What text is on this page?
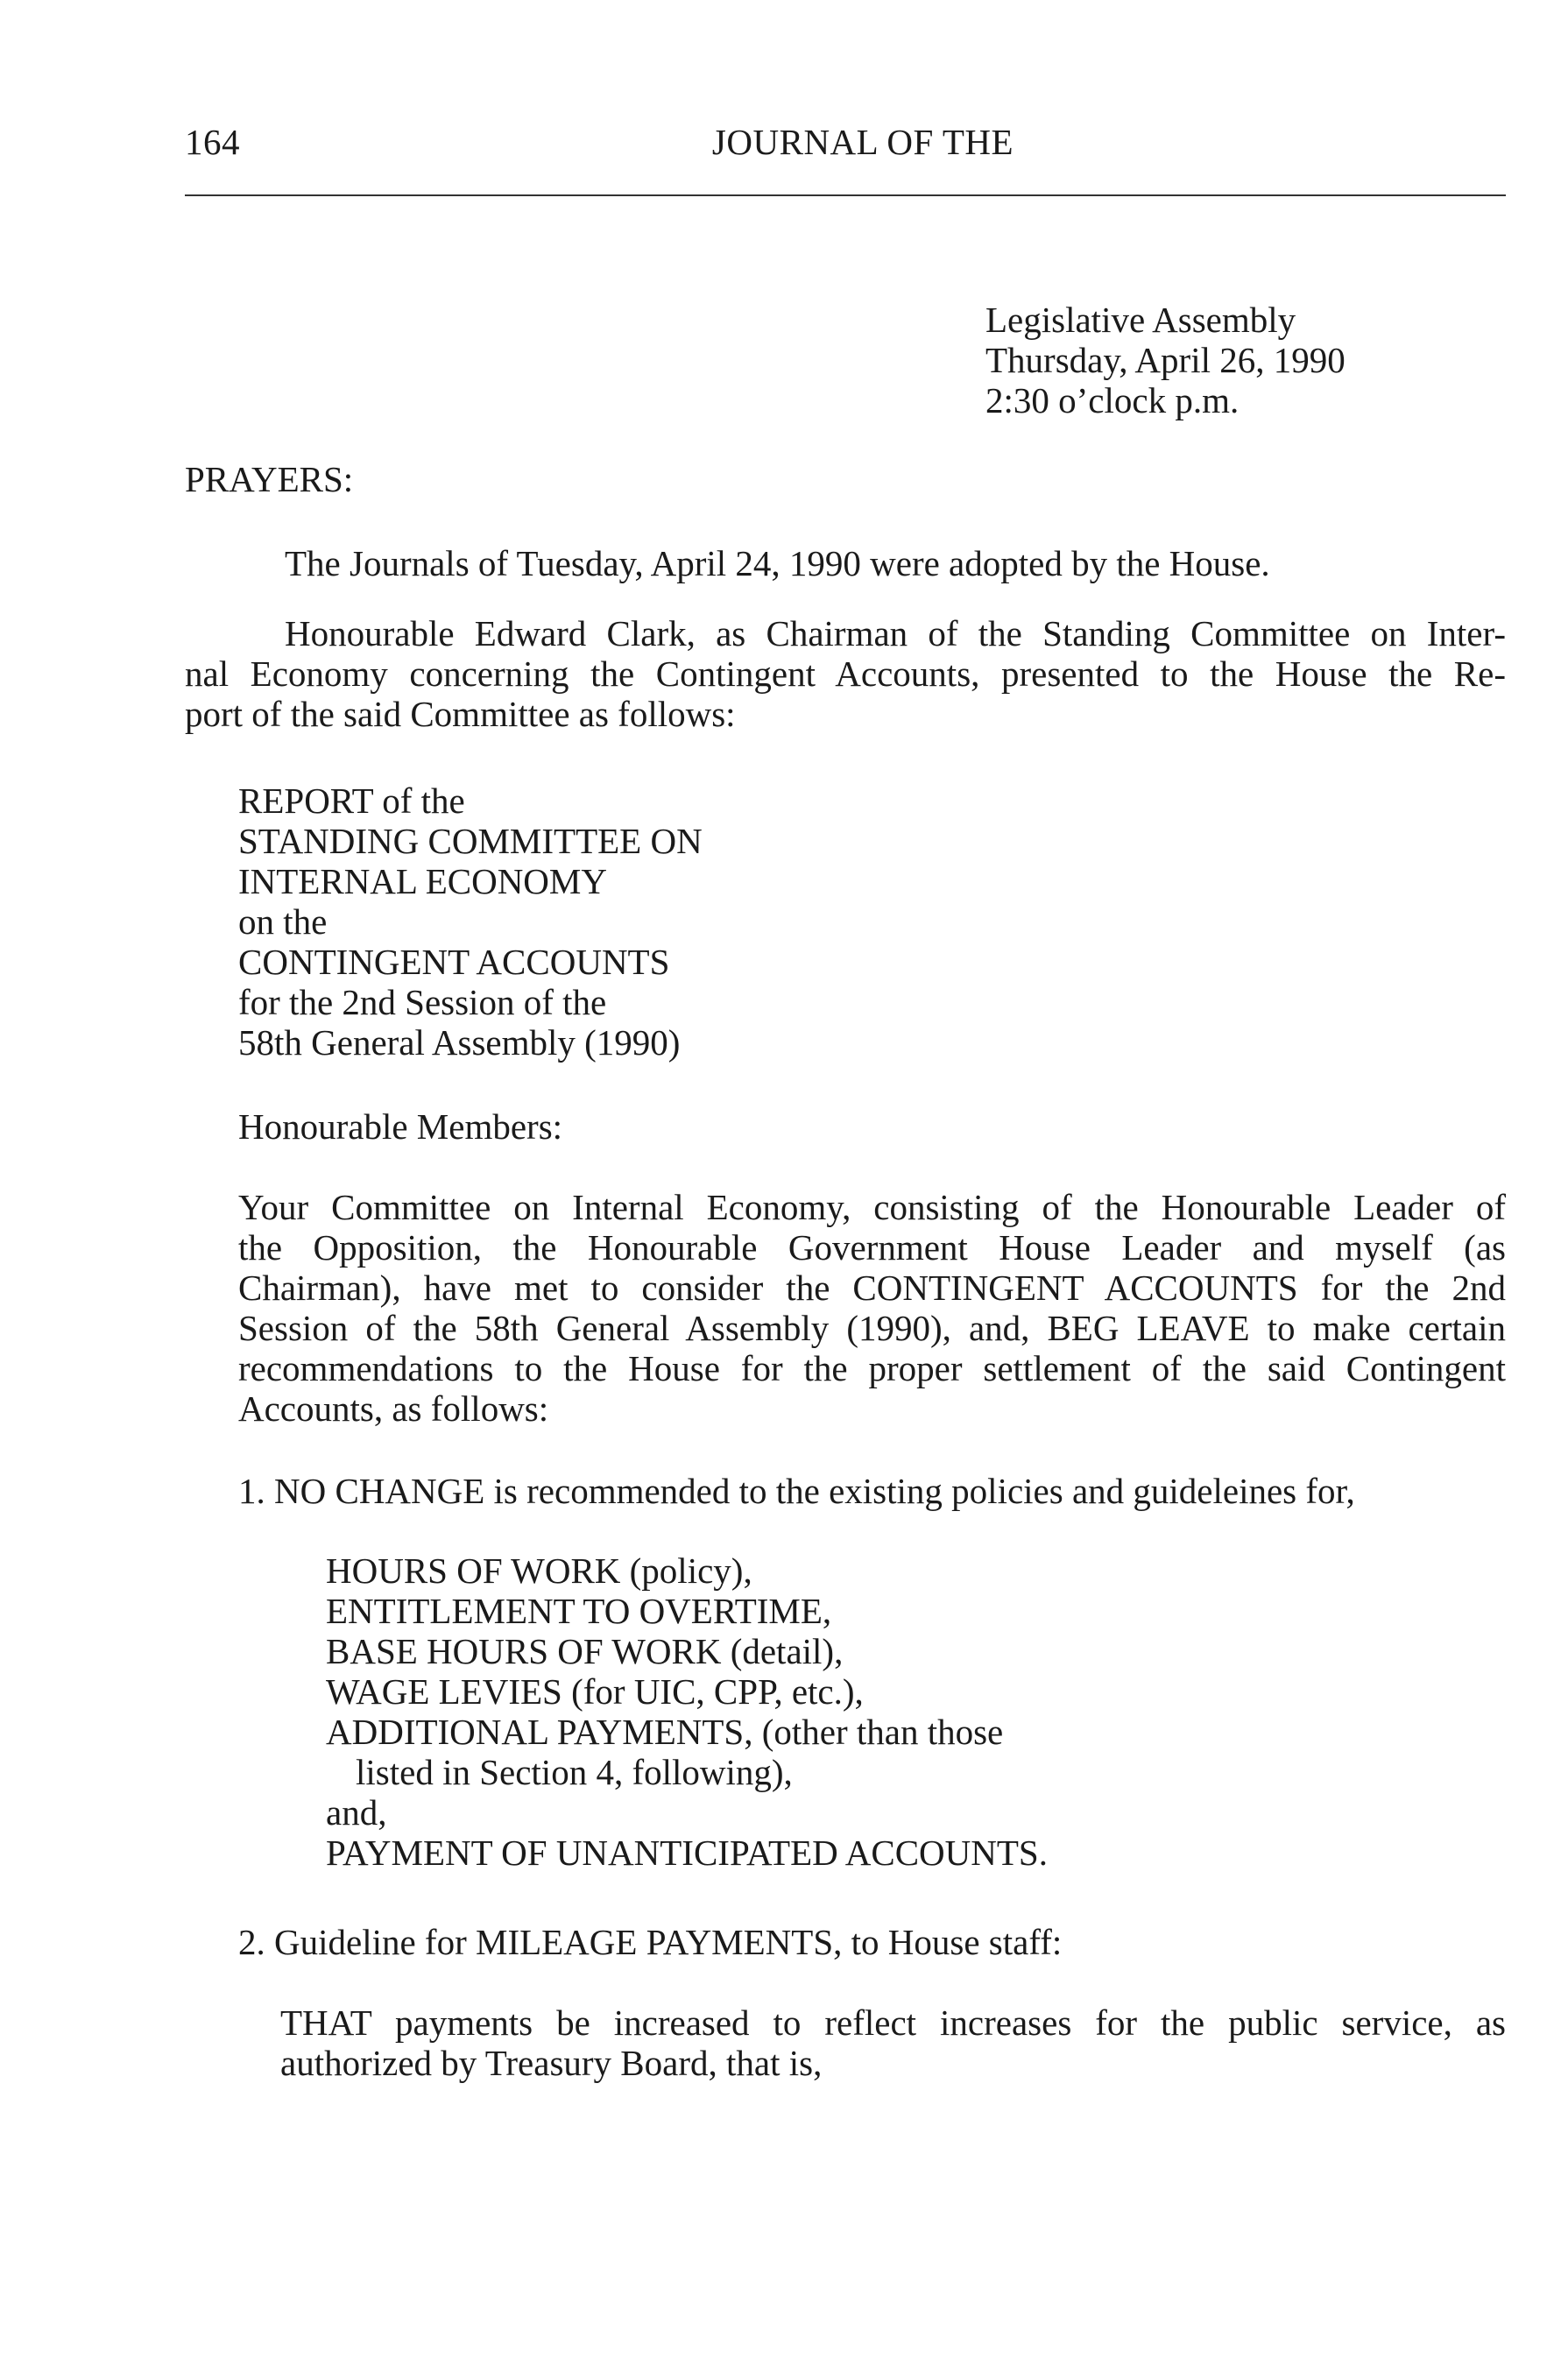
164	JOURNAL OF THE
Legislative Assembly
Thursday, April 26, 1990
2:30 o’clock p.m.
PRAYERS:
The Journals of Tuesday, April 24, 1990 were adopted by the House.
Honourable Edward Clark, as Chairman of the Standing Committee on Inter-
nal Economy concerning the Contingent Accounts, presented to the House the Re-
port of the said Committee as follows:
REPORT of the
STANDING COMMITTEE ON
INTERNAL ECONOMY
on the
CONTINGENT ACCOUNTS
for the 2nd Session of the
58th General Assembly (1990)
Honourable Members:
Your Committee on Internal Economy, consisting of the Honourable Leader of
the Opposition, the Honourable Government House Leader and myself (as
Chairman), have met to consider the CONTINGENT ACCOUNTS for the 2nd
Session of the 58th General Assembly (1990), and, BEG LEAVE to make certain
recommendations to the House for the proper settlement of the said Contingent
Accounts, as follows:
1. NO CHANGE is recommended to the existing policies and guideleines for,
HOURS OF WORK (policy),
ENTITLEMENT TO OVERTIME,
BASE HOURS OF WORK (detail),
WAGE LEVIES (for UIC, CPP, etc.),
ADDITIONAL PAYMENTS, (other than those
listed in Section 4, following),
and,
PAYMENT OF UNANTICIPATED ACCOUNTS.
2. Guideline for MILEAGE PAYMENTS, to House staff:
THAT payments be increased to reflect increases for the public service, as
authorized by Treasury Board, that is,
